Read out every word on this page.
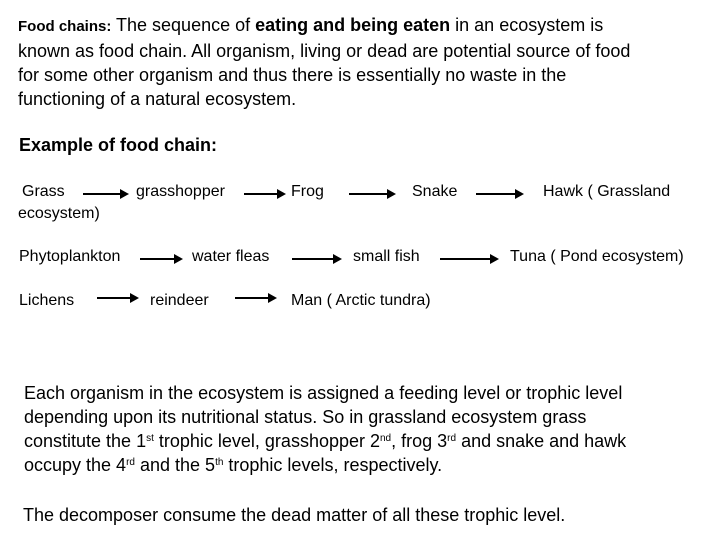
Food chains: The sequence of eating and being eaten in an ecosystem is
known as food chain. All organism, living or dead are potential source of food
for some other organism and thus there is essentially no waste in the
functioning of a natural ecosystem.
Example of food chain:
Grass	grasshopper	Frog	Snake	Hawk ( Grassland
ecosystem)
Phytoplankton	water fleas	small fish	Tuna ( Pond ecosystem)
Lichens	reindeer	Man ( Arctic tundra)
Each organism in the ecosystem is assigned a feeding level or trophic level
depending upon its nutritional status. So in grassland ecosystem grass
constitute the 1st trophic level, grasshopper 2nd, frog 3rd and snake and hawk
occupy the 4rd and the 5th trophic levels, respectively.
The decomposer consume the dead matter of all these trophic level.
